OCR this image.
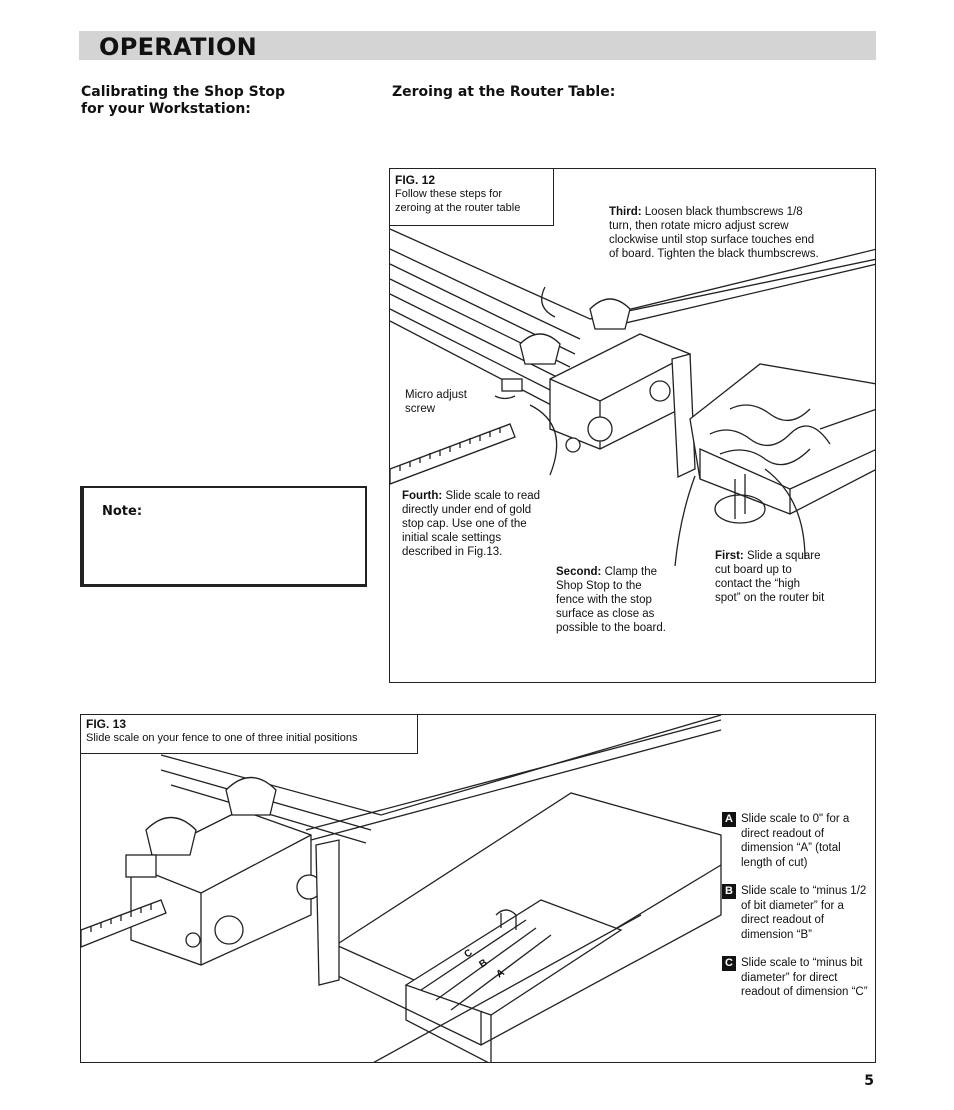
OPERATION
Calibrating the Shop Stop
for your Workstation:
Zeroing at the Router Table:
Note:
FIG. 12
Follow these steps for
zeroing at the router table	Third: Loosen black thumbscrews 1/8 turn, then rotate micro adjust screw clockwise until stop surface touches end of board. Tighten the black thumbscrews.
Micro adjust
screw
Fourth: Slide scale to read directly under end of gold stop cap. Use one of the initial scale settings described in Fig.13.
Second: Clamp the Shop Stop to the fence with the stop surface as close as possible to the board.
First: Slide a square cut board up to contact the “high spot” on the router bit
C
B
A
FIG. 13
Slide scale on your fence to one of three initial positions
A Slide scale to 0" for a direct readout of dimension “A” (total length of cut)
B Slide scale to “minus 1/2 of bit diameter” for a direct readout of dimension “B”
C Slide scale to “minus bit diameter” for direct readout of dimension “C”
5
